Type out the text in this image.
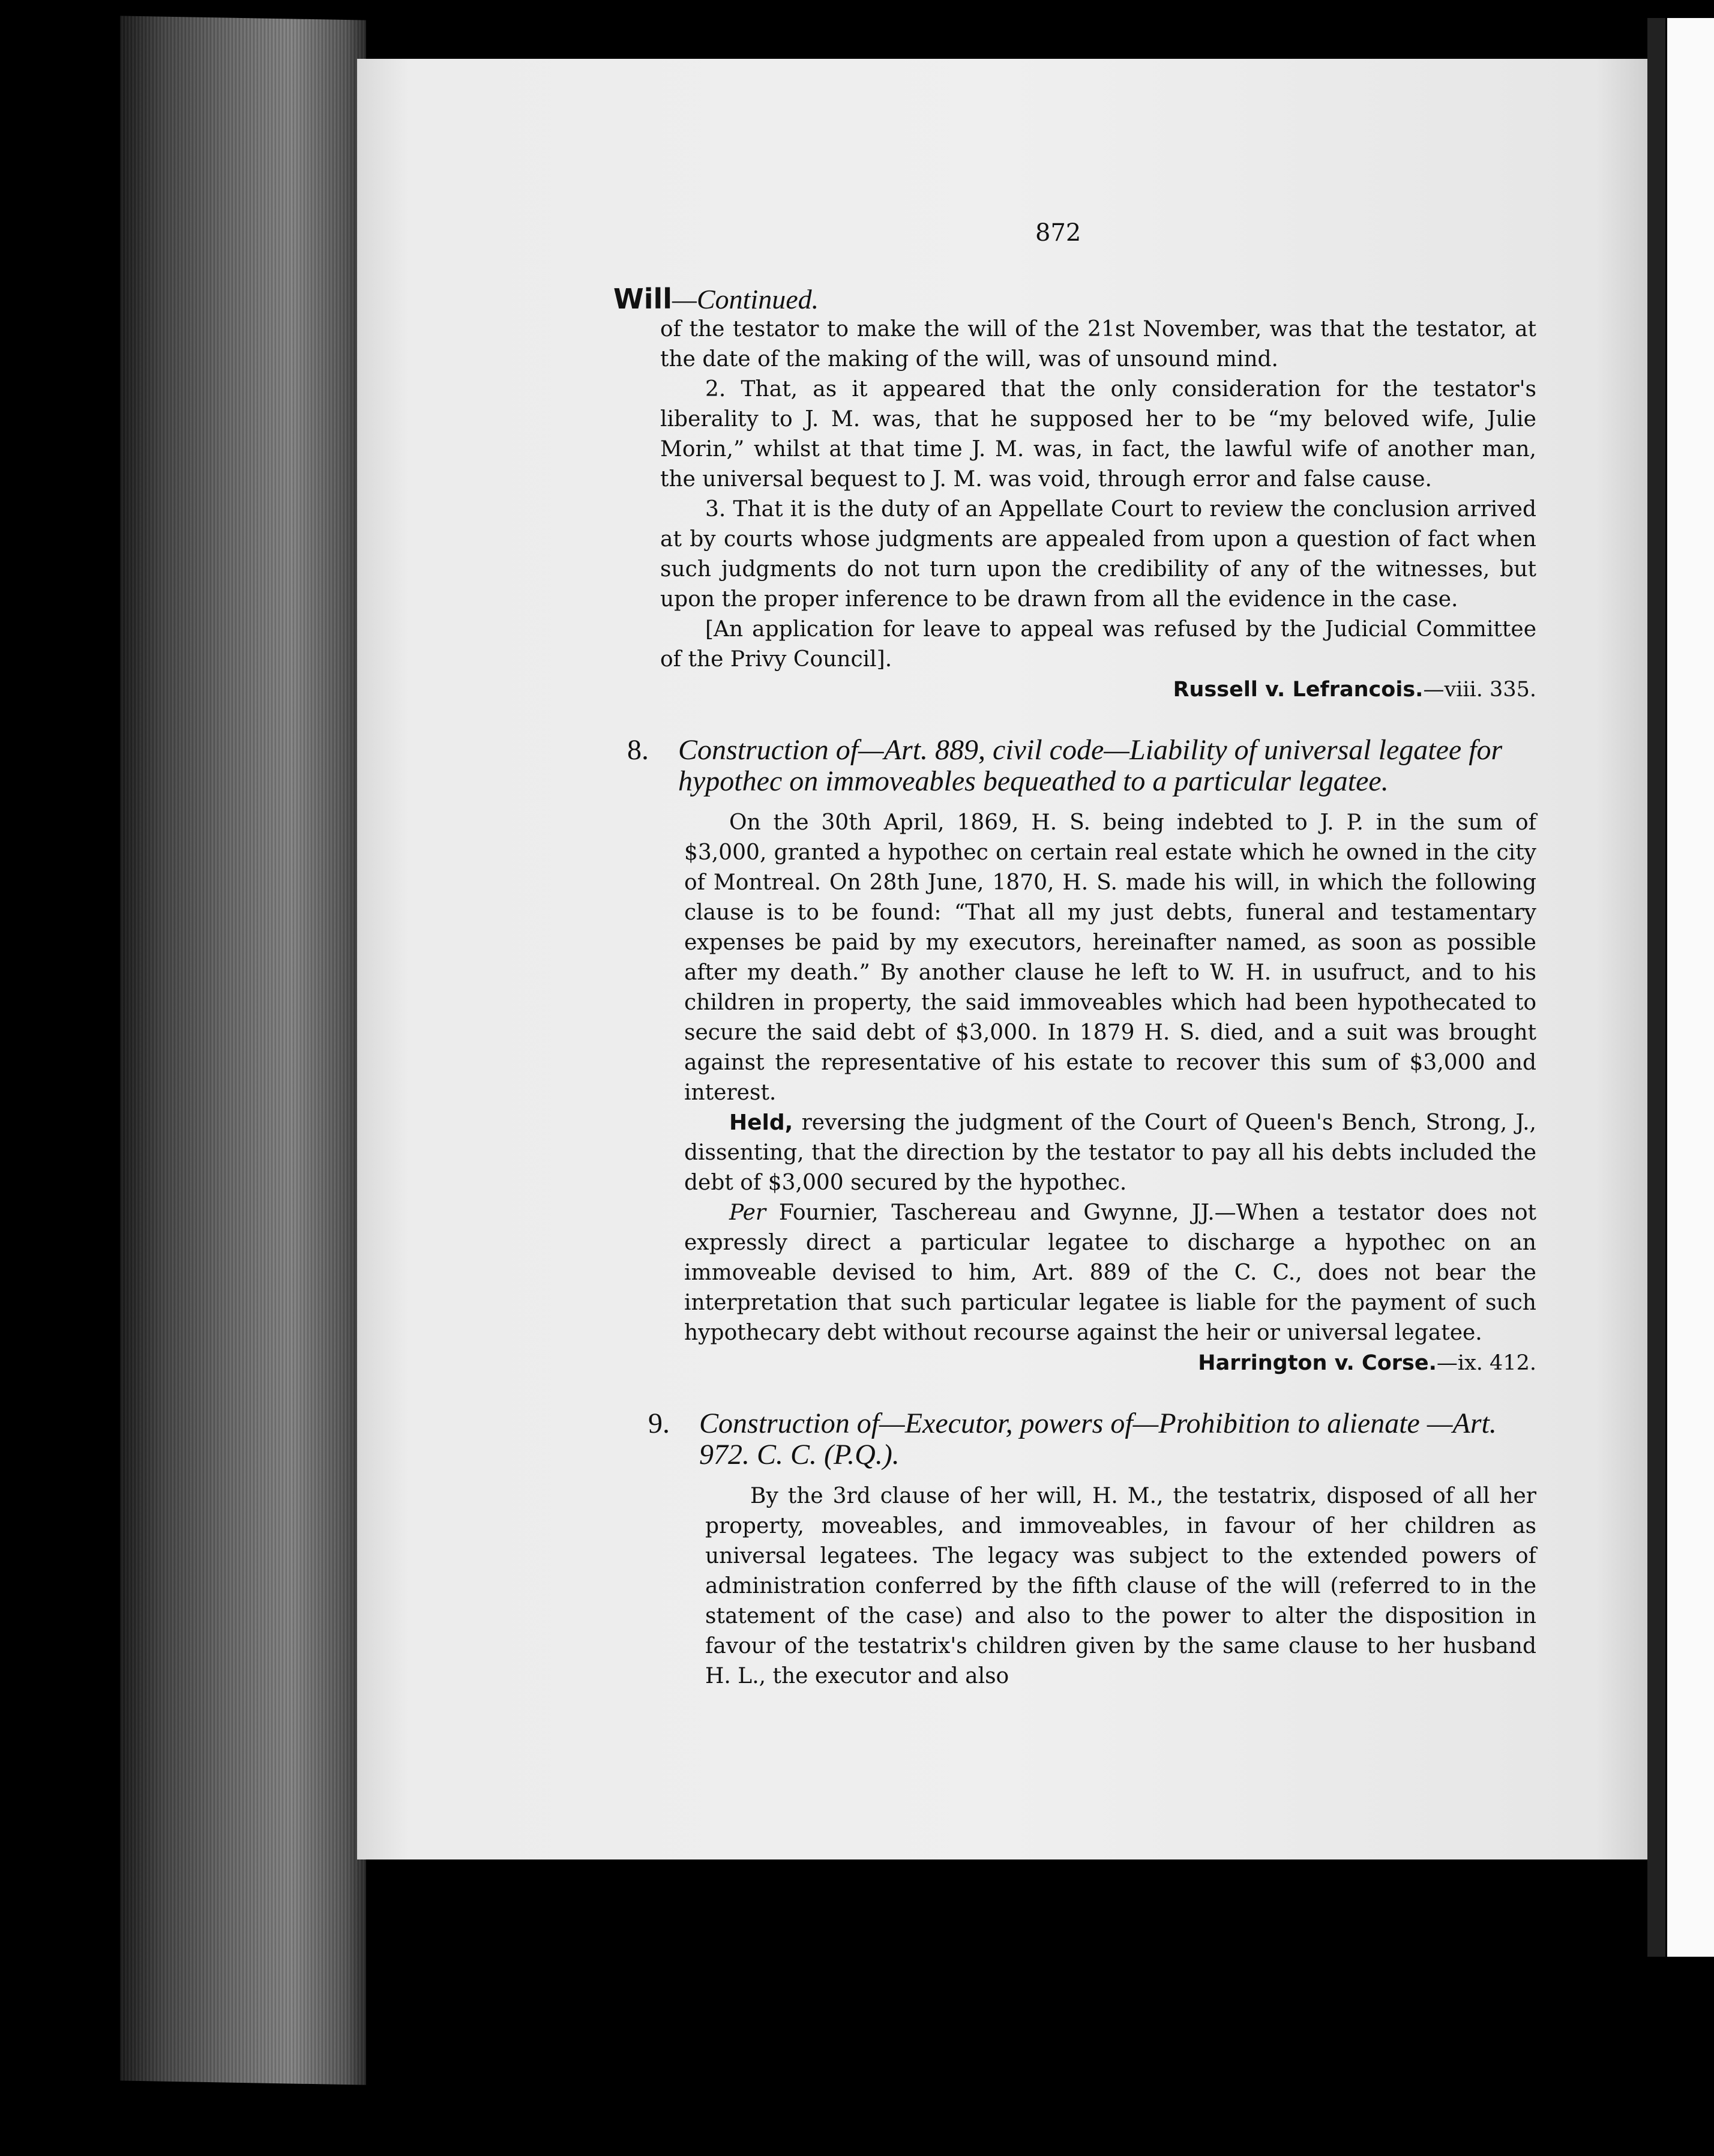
872
Will—Continued.

of the testator to make the will of the 21st November, was that the testator, at the date of the making of the will, was of unsound mind.

2. That, as it appeared that the only consideration for the testator's liberality to J. M. was, that he supposed her to be “my beloved wife, Julie Morin,” whilst at that time J. M. was, in fact, the lawful wife of another man, the universal bequest to J. M. was void, through error and false cause.

3. That it is the duty of an Appellate Court to review the conclusion arrived at by courts whose judgments are appealed from upon a question of fact when such judgments do not turn upon the credibility of any of the witnesses, but upon the proper inference to be drawn from all the evidence in the case.

[An application for leave to appeal was refused by the Judicial Committee of the Privy Council].

Russell v. Lefrancois.—viii. 335.

8. Construction of—Art. 889, civil code—Liability of universal legatee for hypothec on immoveables bequeathed to a particular legatee.

On the 30th April, 1869, H. S. being indebted to J. P. in the sum of $3,000, granted a hypothec on certain real estate which he owned in the city of Montreal. On 28th June, 1870, H. S. made his will, in which the following clause is to be found: “That all my just debts, funeral and testamentary expenses be paid by my executors, hereinafter named, as soon as possible after my death.” By another clause he left to W. H. in usufruct, and to his children in property, the said immoveables which had been hypothecated to secure the said debt of $3,000. In 1879 H. S. died, and a suit was brought against the representative of his estate to recover this sum of $3,000 and interest.

Held, reversing the judgment of the Court of Queen's Bench, Strong, J., dissenting, that the direction by the testator to pay all his debts included the debt of $3,000 secured by the hypothec.

Per Fournier, Taschereau and Gwynne, JJ.—When a testator does not expressly direct a particular legatee to discharge a hypothec on an immoveable devised to him, Art. 889 of the C. C., does not bear the interpretation that such particular legatee is liable for the payment of such hypothecary debt without recourse against the heir or universal legatee.

Harrington v. Corse.—ix. 412.

9. Construction of—Executor, powers of—Prohibition to alienate —Art. 972. C. C. (P.Q.).

By the 3rd clause of her will, H. M., the testatrix, disposed of all her property, moveables, and immoveables, in favour of her children as universal legatees. The legacy was subject to the extended powers of administration conferred by the fifth clause of the will (referred to in the statement of the case) and also to the power to alter the disposition in favour of the testatrix's children given by the same clause to her husband H. L., the executor and also
